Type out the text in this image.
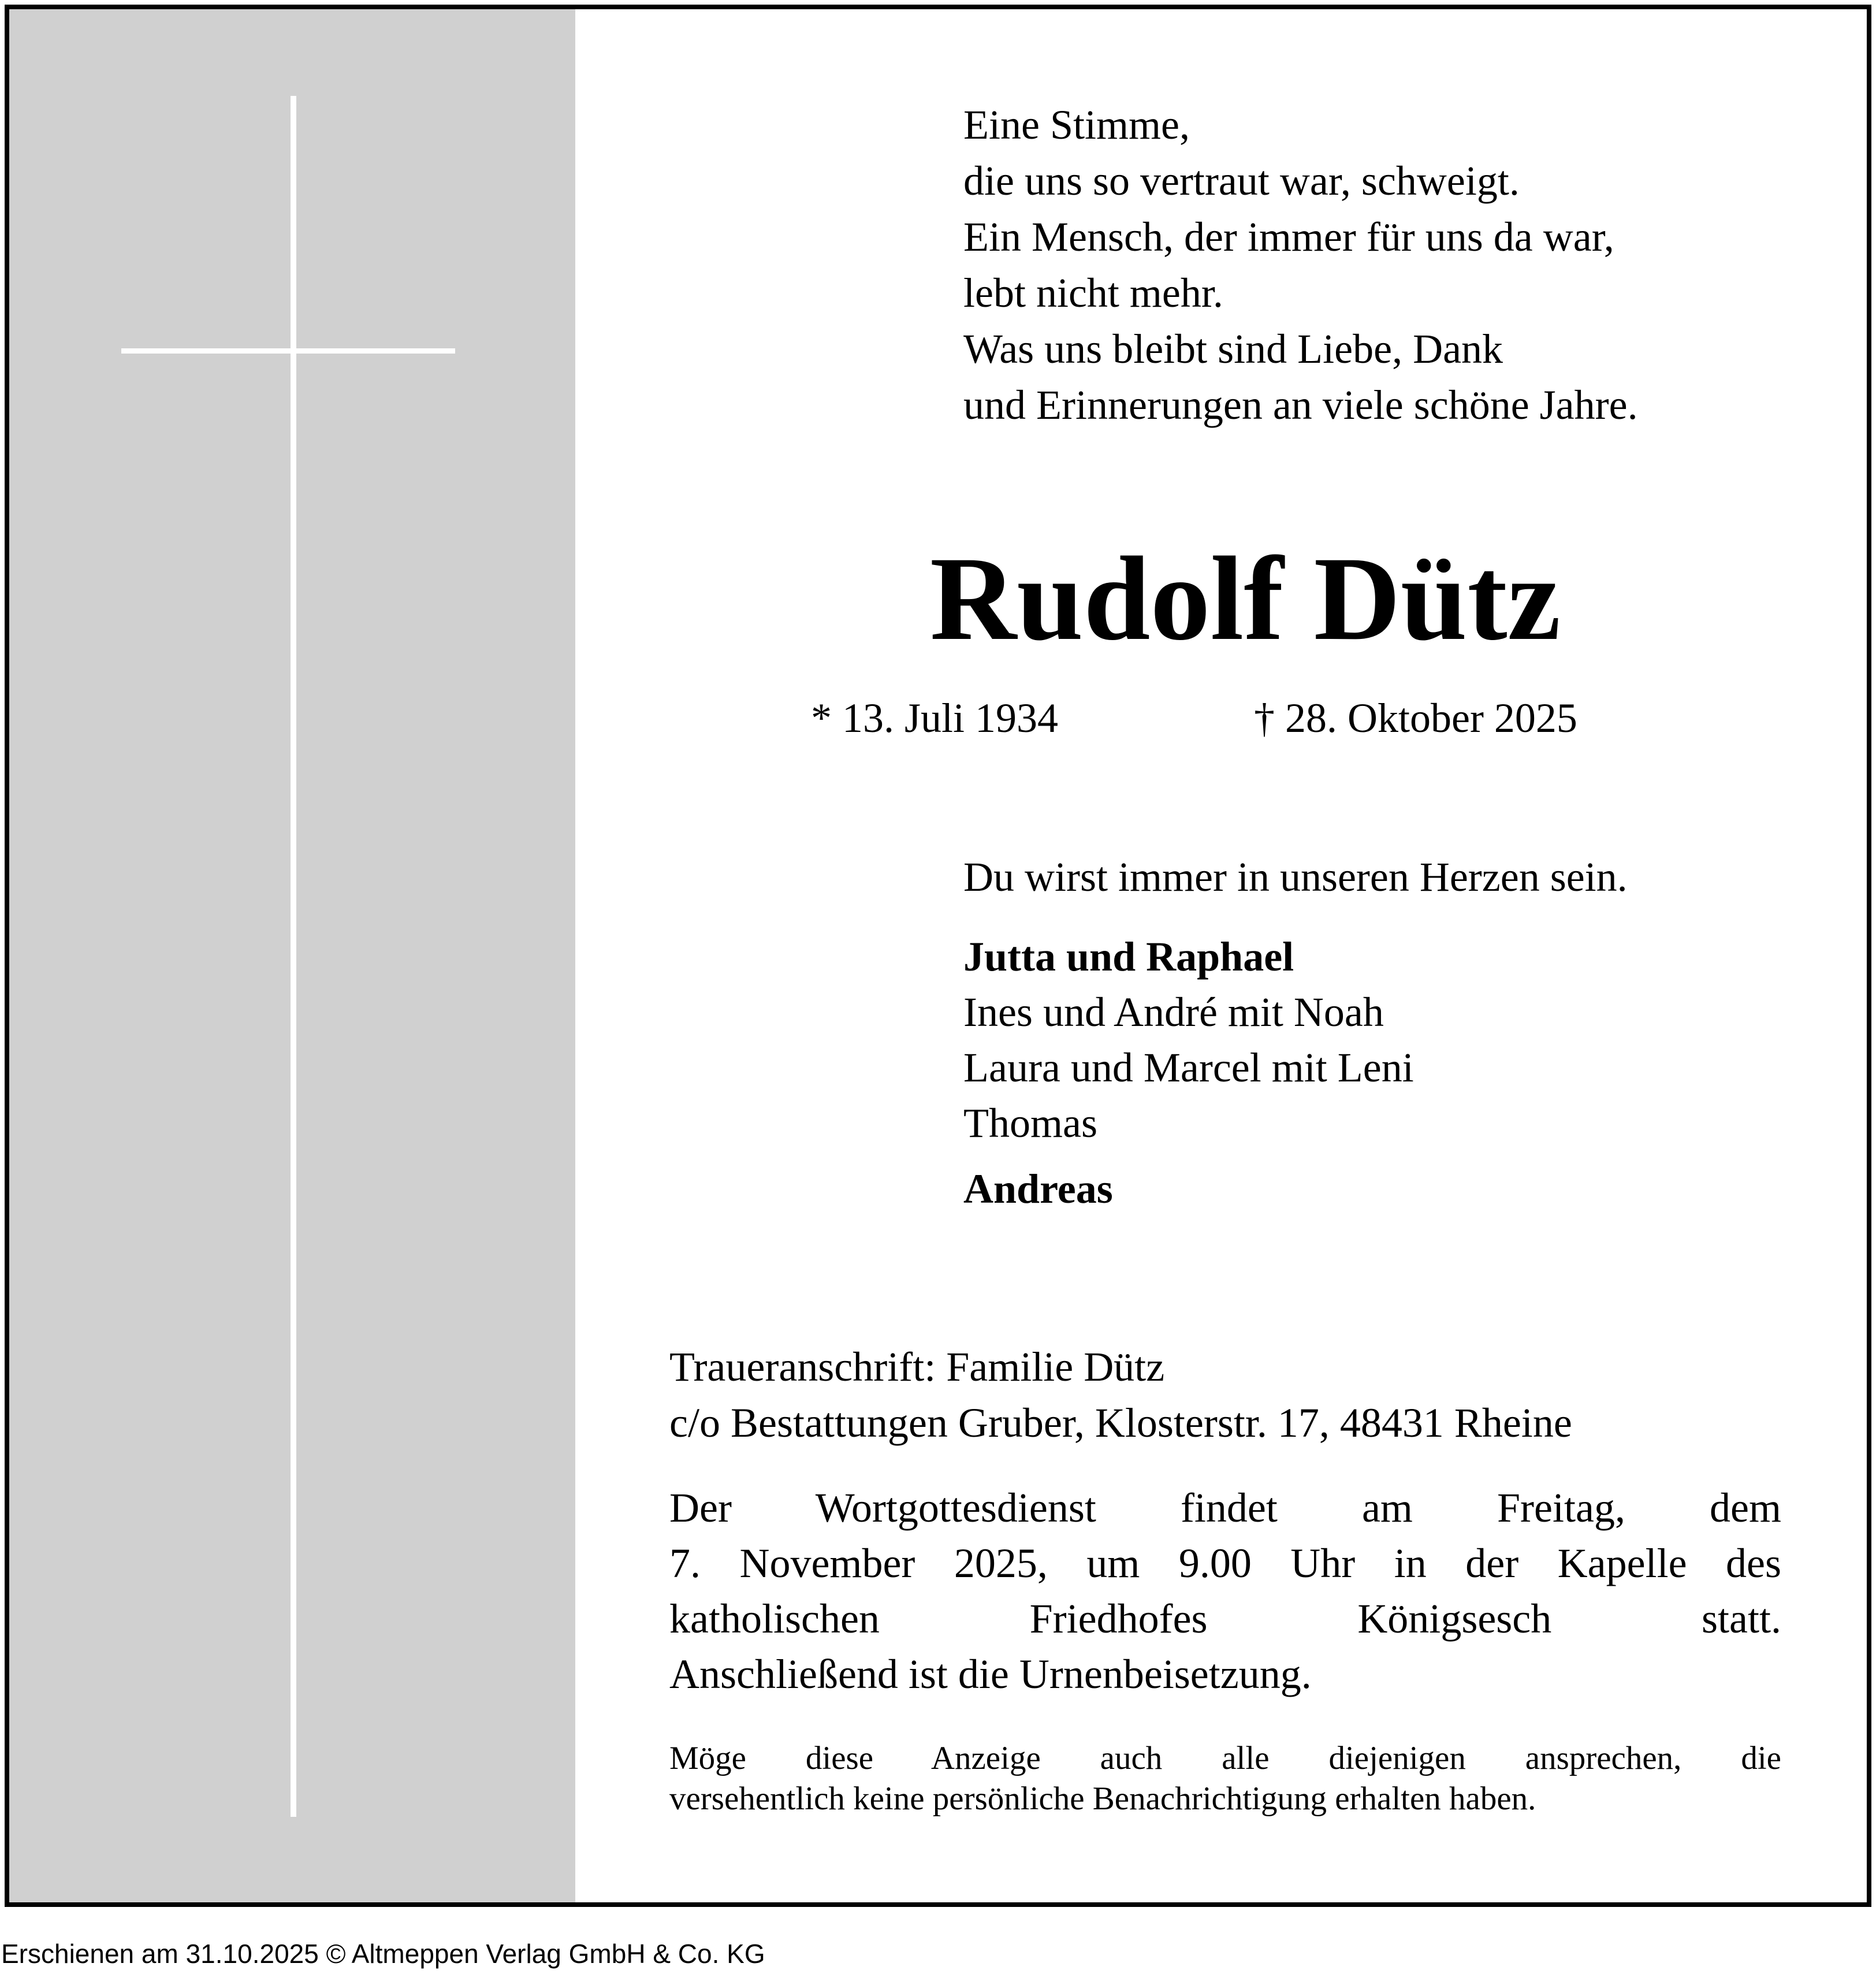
Eine Stimme,
die uns so vertraut war, schweigt.
Ein Mensch, der immer für uns da war,
lebt nicht mehr.
Was uns bleibt sind Liebe, Dank
und Erinnerungen an viele schöne Jahre.
Rudolf Dütz
* 13. Juli 1934	† 28. Oktober 2025
Du wirst immer in unseren Herzen sein.
Jutta und Raphael
Ines und André mit Noah
Laura und Marcel mit Leni
Thomas
Andreas
Traueranschrift: Familie Dütz
c/o Bestattungen Gruber, Klosterstr. 17, 48431 Rheine
Der Wortgottesdienst findet am Freitag, dem
7. November 2025, um 9.00 Uhr in der Kapelle des
katholischen Friedhofes Königsesch statt.
Anschließend ist die Urnenbeisetzung.
Möge diese Anzeige auch alle diejenigen ansprechen, die
versehentlich keine persönliche Benachrichtigung erhalten haben.
Erschienen am 31.10.2025 © Altmeppen Verlag GmbH & Co. KG
